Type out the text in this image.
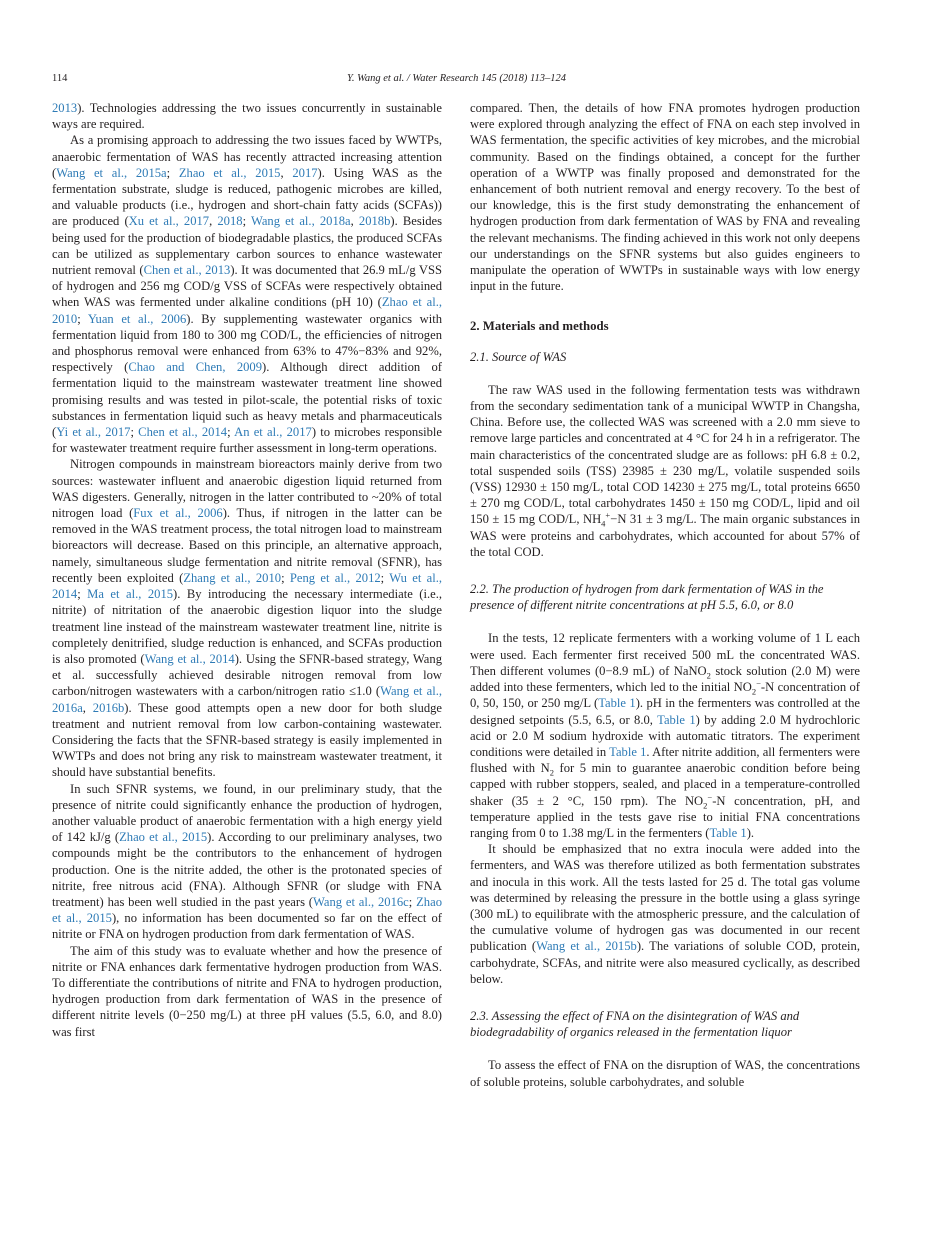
114	Y. Wang et al. / Water Research 145 (2018) 113–124

2013). Technologies addressing the two issues concurrently in sustainable ways are required.

As a promising approach to addressing the two issues faced by WWTPs, anaerobic fermentation of WAS has recently attracted increasing attention (Wang et al., 2015a; Zhao et al., 2015, 2017). Using WAS as the fermentation substrate, sludge is reduced, pathogenic microbes are killed, and valuable products (i.e., hydrogen and short-chain fatty acids (SCFAs)) are produced (Xu et al., 2017, 2018; Wang et al., 2018a, 2018b). Besides being used for the production of biodegradable plastics, the produced SCFAs can be utilized as supplementary carbon sources to enhance wastewater nutrient removal (Chen et al., 2013). It was documented that 26.9 mL/g VSS of hydrogen and 256 mg COD/g VSS of SCFAs were respectively obtained when WAS was fermented under alkaline conditions (pH 10) (Zhao et al., 2010; Yuan et al., 2006). By supplementing wastewater organics with fermentation liquid from 180 to 300 mg COD/L, the efficiencies of nitrogen and phosphorus removal were enhanced from 63% to 47%−83% and 92%, respectively (Chao and Chen, 2009). Although direct addition of fermentation liquid to the mainstream wastewater treatment line showed promising results and was tested in pilot-scale, the potential risks of toxic substances in fermentation liquid such as heavy metals and pharmaceuticals (Yi et al., 2017; Chen et al., 2014; An et al., 2017) to microbes responsible for wastewater treatment require further assessment in long-term operations.

Nitrogen compounds in mainstream bioreactors mainly derive from two sources: wastewater influent and anaerobic digestion liquid returned from WAS digesters. Generally, nitrogen in the latter contributed to ~20% of total nitrogen load (Fux et al., 2006). Thus, if nitrogen in the latter can be removed in the WAS treatment process, the total nitrogen load to mainstream bioreactors will decrease. Based on this principle, an alternative approach, namely, simultaneous sludge fermentation and nitrite removal (SFNR), has recently been exploited (Zhang et al., 2010; Peng et al., 2012; Wu et al., 2014; Ma et al., 2015). By introducing the necessary intermediate (i.e., nitrite) of nitritation of the anaerobic digestion liquor into the sludge treatment line instead of the mainstream wastewater treatment line, nitrite is completely denitrified, sludge reduction is enhanced, and SCFAs production is also promoted (Wang et al., 2014). Using the SFNR-based strategy, Wang et al. successfully achieved desirable nitrogen removal from low carbon/nitrogen wastewaters with a carbon/nitrogen ratio ≤1.0 (Wang et al., 2016a, 2016b). These good attempts open a new door for both sludge treatment and nutrient removal from low carbon-containing wastewater. Considering the facts that the SFNR-based strategy is easily implemented in WWTPs and does not bring any risk to mainstream wastewater treatment, it should have substantial benefits.

In such SFNR systems, we found, in our preliminary study, that the presence of nitrite could significantly enhance the production of hydrogen, another valuable product of anaerobic fermentation with a high energy yield of 142 kJ/g (Zhao et al., 2015). According to our preliminary analyses, two compounds might be the contributors to the enhancement of hydrogen production. One is the nitrite added, the other is the protonated species of nitrite, free nitrous acid (FNA). Although SFNR (or sludge with FNA treatment) has been well studied in the past years (Wang et al., 2016c; Zhao et al., 2015), no information has been documented so far on the effect of nitrite or FNA on hydrogen production from dark fermentation of WAS.

The aim of this study was to evaluate whether and how the presence of nitrite or FNA enhances dark fermentative hydrogen production from WAS. To differentiate the contributions of nitrite and FNA to hydrogen production, hydrogen production from dark fermentation of WAS in the presence of different nitrite levels (0−250 mg/L) at three pH values (5.5, 6.0, and 8.0) was first

compared. Then, the details of how FNA promotes hydrogen production were explored through analyzing the effect of FNA on each step involved in WAS fermentation, the specific activities of key microbes, and the microbial community. Based on the findings obtained, a concept for the further operation of a WWTP was finally proposed and demonstrated for the enhancement of both nutrient removal and energy recovery. To the best of our knowledge, this is the first study demonstrating the enhancement of hydrogen production from dark fermentation of WAS by FNA and revealing the relevant mechanisms. The finding achieved in this work not only deepens our understandings on the SFNR systems but also guides engineers to manipulate the operation of WWTPs in sustainable ways with low energy input in the future.

2. Materials and methods
2.1. Source of WAS

The raw WAS used in the following fermentation tests was withdrawn from the secondary sedimentation tank of a municipal WWTP in Changsha, China. Before use, the collected WAS was screened with a 2.0 mm sieve to remove large particles and concentrated at 4 °C for 24 h in a refrigerator. The main characteristics of the concentrated sludge are as follows: pH 6.8 ± 0.2, total suspended soils (TSS) 23985 ± 230 mg/L, volatile suspended soils (VSS) 12930 ± 150 mg/L, total COD 14230 ± 275 mg/L, total proteins 6650 ± 270 mg COD/L, total carbohydrates 1450 ± 150 mg COD/L, lipid and oil 150 ± 15 mg COD/L, $NH_4^+-N$ 31 ± 3 mg/L. The main organic substances in WAS were proteins and carbohydrates, which accounted for about 57% of the total COD.

2.2. The production of hydrogen from dark fermentation of WAS in the presence of different nitrite concentrations at pH 5.5, 6.0, or 8.0

In the tests, 12 replicate fermenters with a working volume of 1 L each were used. Each fermenter first received 500 mL the concentrated WAS. Then different volumes (0−8.9 mL) of NaNO$_2$ stock solution (2.0 M) were added into these fermenters, which led to the initial $NO_2^--N$ concentration of 0, 50, 150, or 250 mg/L (Table 1). pH in the fermenters was controlled at the designed setpoints (5.5, 6.5, or 8.0, Table 1) by adding 2.0 M hydrochloric acid or 2.0 M sodium hydroxide with automatic titrators. The experiment conditions were detailed in Table 1. After nitrite addition, all fermenters were flushed with $N_2$ for 5 min to guarantee anaerobic condition before being capped with rubber stoppers, sealed, and placed in a temperature-controlled shaker (35 ± 2 °C, 150 rpm). The $NO_2^--N$ concentration, pH, and temperature applied in the tests gave rise to initial FNA concentrations ranging from 0 to 1.38 mg/L in the fermenters (Table 1).

It should be emphasized that no extra inocula were added into the fermenters, and WAS was therefore utilized as both fermentation substrates and inocula in this work. All the tests lasted for 25 d. The total gas volume was determined by releasing the pressure in the bottle using a glass syringe (300 mL) to equilibrate with the atmospheric pressure, and the calculation of the cumulative volume of hydrogen gas was documented in our recent publication (Wang et al., 2015b). The variations of soluble COD, protein, carbohydrate, SCFAs, and nitrite were also measured cyclically, as described below.

2.3. Assessing the effect of FNA on the disintegration of WAS and biodegradability of organics released in the fermentation liquor

To assess the effect of FNA on the disruption of WAS, the concentrations of soluble proteins, soluble carbohydrates, and soluble
